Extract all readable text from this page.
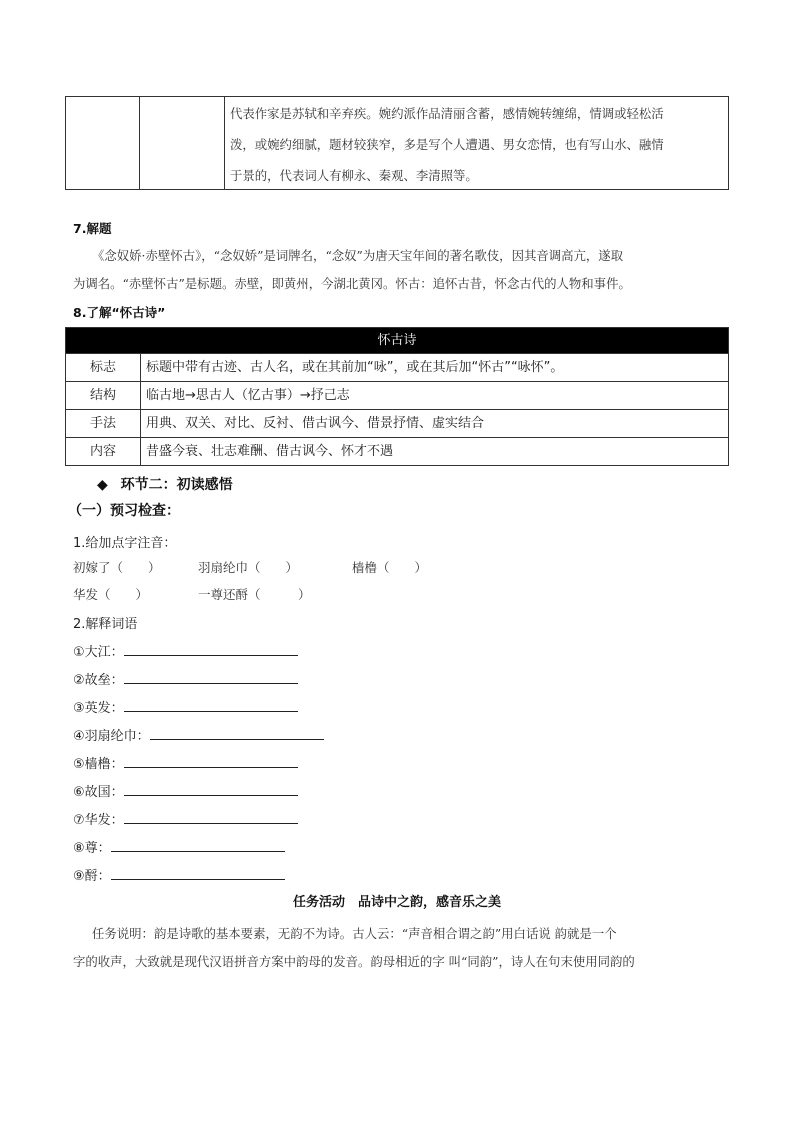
代表作家是苏轼和辛弃疾。婉约派作品清丽含蓄，感情婉转缠绵，情调或轻松活
泼，或婉约细腻，题材较狭窄，多是写个人遭遇、男女恋情，也有写山水、融情
于景的，代表词人有柳永、秦观、李清照等。
7.解题
《念奴娇·赤壁怀古》，“念奴娇”是词牌名，“念奴”为唐天宝年间的著名歌伎，因其音调高亢，遂取
为调名。“赤壁怀古”是标题。赤壁，即黄州，今湖北黄冈。怀古：追怀古昔，怀念古代的人物和事件。
8.了解“怀古诗”
怀古诗
标志	标题中带有古迹、古人名，或在其前加“咏”，或在其后加“怀古”“咏怀”。
结构	临古地→思古人（忆古事）→抒己志
手法	用典、双关、对比、反衬、借古讽今、借景抒情、虚实结合
内容	昔盛今衰、壮志难酬、借古讽今、怀才不遇
◆ 环节二：初读感悟
（一）预习检查：
1.给加点字注音：
初嫁了（　　）	羽扇纶巾（　　）	樯橹（　　）
华发（　　）	一尊还酹（　　　）
2.解释词语
①大江：
②故垒：
③英发：
④羽扇纶巾：
⑤樯橹：
⑥故国：
⑦华发：
⑧尊：
⑨酹：
任务活动　品诗中之韵，感音乐之美
任务说明：韵是诗歌的基本要素，无韵不为诗。古人云：“声音相合谓之韵”用白话说 韵就是一个
字的收声，大致就是现代汉语拼音方案中韵母的发音。韵母相近的字 叫“同韵”，诗人在句末使用同韵的
